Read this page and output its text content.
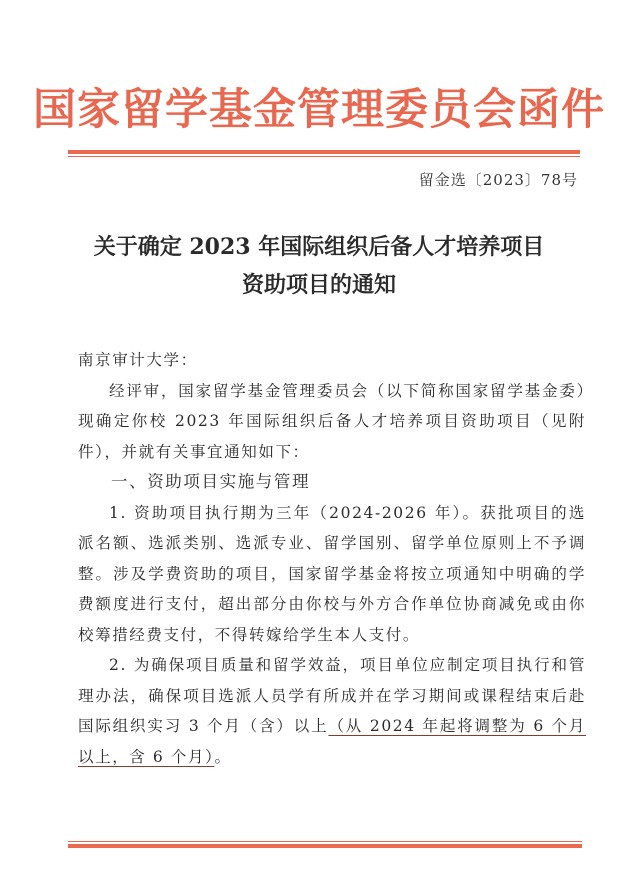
国家留学基金管理委员会函件
留金选〔2023〕78号
关于确定 2023 年国际组织后备人才培养项目
资助项目的通知

南京审计大学：

经评审，国家留学基金管理委员会（以下简称国家留学基金委）现确定你校 2023 年国际组织后备人才培养项目资助项目（见附件），并就有关事宜通知如下：

一、资助项目实施与管理

1. 资助项目执行期为三年（2024-2026 年）。获批项目的选派名额、选派类别、选派专业、留学国别、留学单位原则上不予调整。涉及学费资助的项目，国家留学基金将按立项通知中明确的学费额度进行支付，超出部分由你校与外方合作单位协商减免或由你校筹措经费支付，不得转嫁给学生本人支付。

2. 为确保项目质量和留学效益，项目单位应制定项目执行和管理办法，确保项目选派人员学有所成并在学习期间或课程结束后赴国际组织实习 3 个月（含）以上（从 2024 年起将调整为 6 个月以上，含 6 个月）。
